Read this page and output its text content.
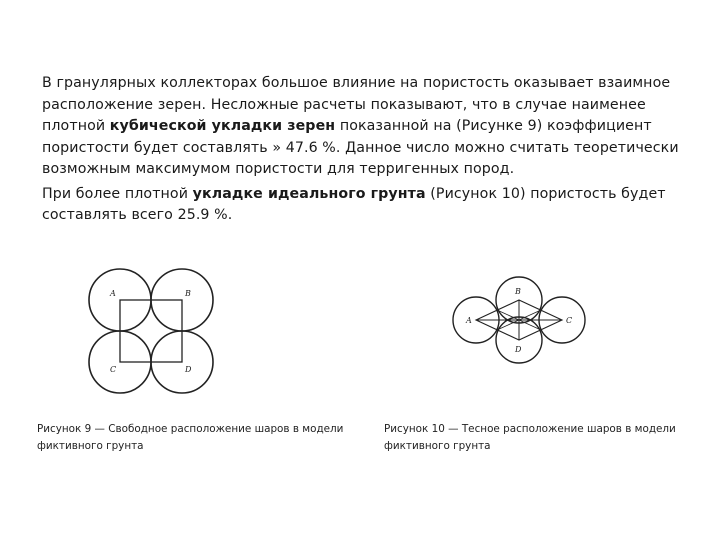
В гранулярных коллекторах большое влияние на пористость оказывает взаимное расположение зерен. Несложные расчеты показывают, что в случае наименее плотной кубической укладки зерен показанной на (Рисунке 9) коэффициент пористости будет составлять » 47.6 %. Данное число можно считать теоретически возможным максимумом пористости для терригенных пород.

При более плотной укладке идеального грунта (Рисунок 10) пористость будет составлять всего 25.9 %.

A	B
C	D
A
B
C
D
Рисунок 9 — Свободное расположение шаров в модели фиктивного грунта
Рисунок 10 — Тесное расположение шаров в модели фиктивного грунта
